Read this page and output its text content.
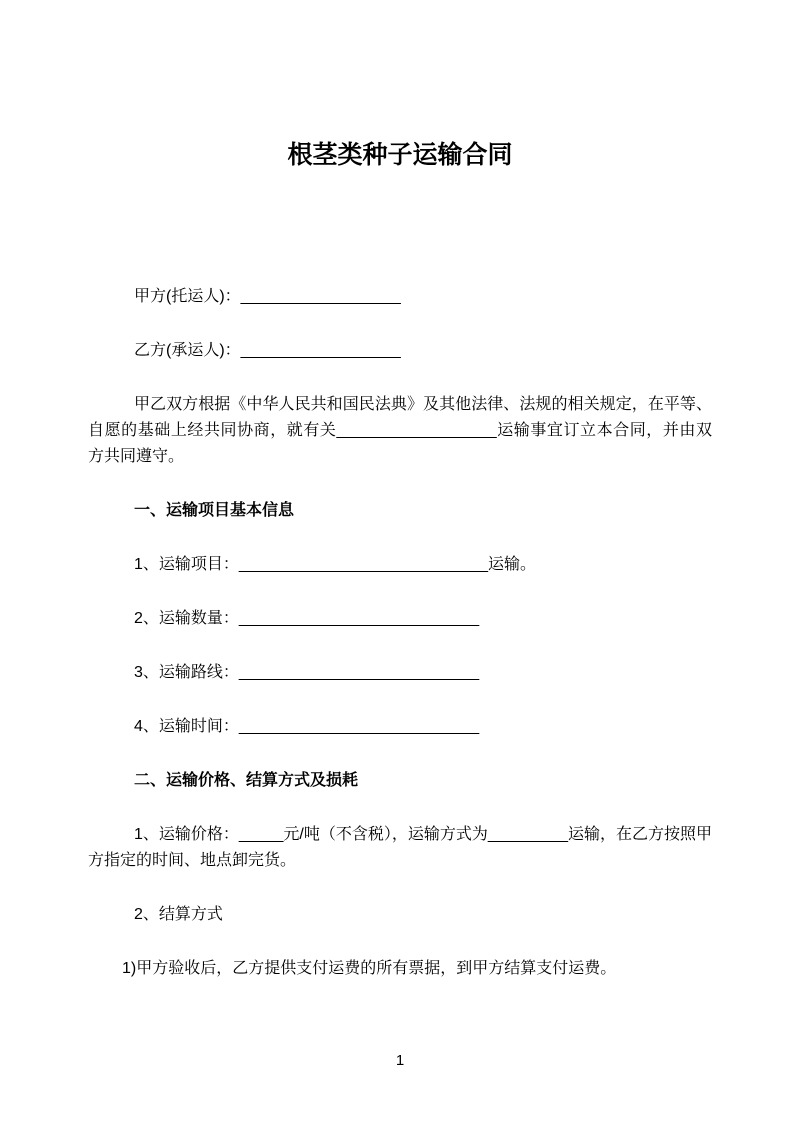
根茎类种子运输合同

甲方(托运人)：__________________

乙方(承运人)：__________________

甲乙双方根据《中华人民共和国民法典》及其他法律、法规的相关规定，在平等、自愿的基础上经共同协商，就有关__________________运输事宜订立本合同，并由双方共同遵守。

一、运输项目基本信息

1、运输项目：____________________________运输。

2、运输数量：___________________________

3、运输路线：___________________________

4、运输时间：___________________________

二、运输价格、结算方式及损耗

1、运输价格：_____元/吨（不含税），运输方式为_________运输，在乙方按照甲方指定的时间、地点卸完货。

2、结算方式

1)甲方验收后，乙方提供支付运费的所有票据，到甲方结算支付运费。

1
